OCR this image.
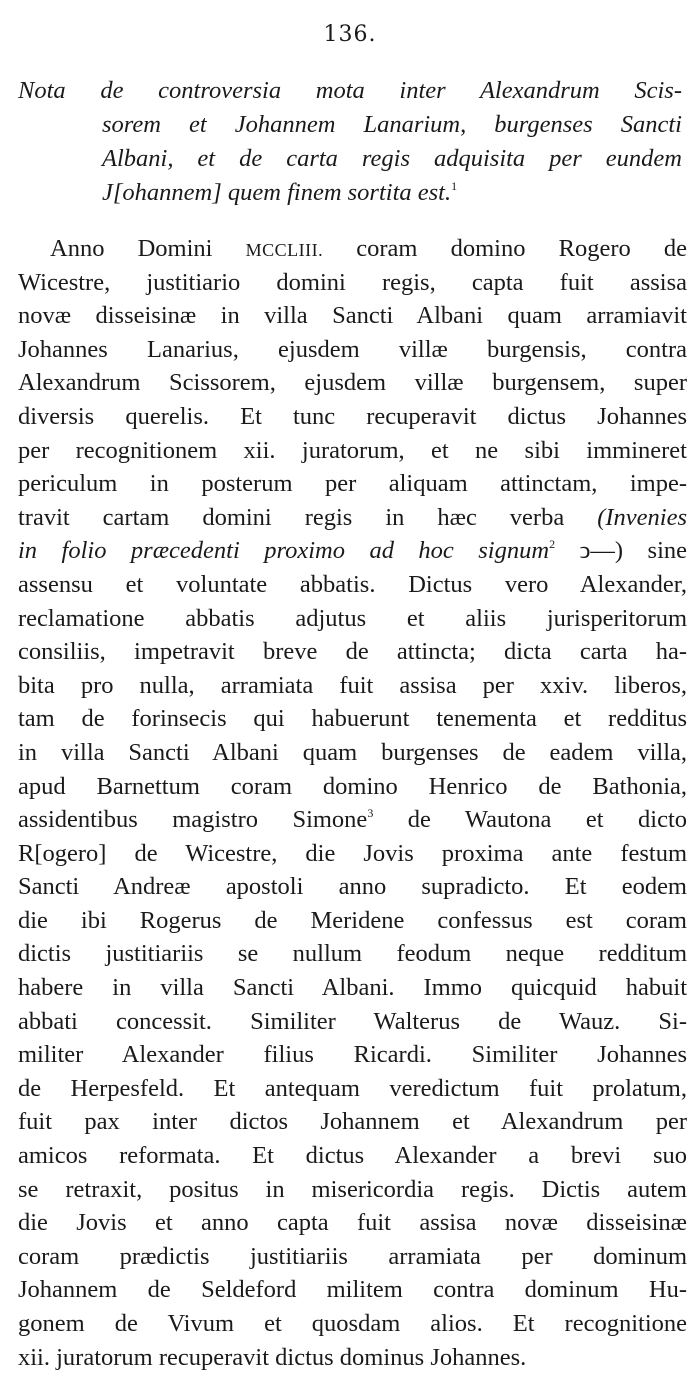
136.
Nota de controversia mota inter Alexandrum Scis-
sorem et Johannem Lanarium, burgenses Sancti
Albani, et de carta regis adquisita per eundem
J[ohannem] quem finem sortita est.$^1$
Anno Domini MCCLIII. coram domino Rogero de
Wicestre, justitiario domini regis, capta fuit assisa
novæ disseisinæ in villa Sancti Albani quam arramiavit
Johannes Lanarius, ejusdem villæ burgensis, contra
Alexandrum Scissorem, ejusdem villæ burgensem, super
diversis querelis. Et tunc recuperavit dictus Johannes
per recognitionem xii. juratorum, et ne sibi immineret
periculum in posterum per aliquam attinctam, impe-
travit cartam domini regis in hæc verba (Invenies
in folio præcedenti proximo ad hoc signum$^2$ ↄ—) sine
assensu et voluntate abbatis. Dictus vero Alexander,
reclamatione abbatis adjutus et aliis jurisperitorum
consiliis, impetravit breve de attincta; dicta carta ha-
bita pro nulla, arramiata fuit assisa per xxiv. liberos,
tam de forinsecis qui habuerunt tenementa et redditus
in villa Sancti Albani quam burgenses de eadem villa,
apud Barnettum coram domino Henrico de Bathonia,
assidentibus magistro Simone$^3$ de Wautona et dicto
R[ogero] de Wicestre, die Jovis proxima ante festum
Sancti Andreæ apostoli anno supradicto. Et eodem
die ibi Rogerus de Meridene confessus est coram
dictis justitiariis se nullum feodum neque redditum
habere in villa Sancti Albani. Immo quicquid habuit
abbati concessit. Similiter Walterus de Wauz. Si-
militer Alexander filius Ricardi. Similiter Johannes
de Herpesfeld. Et antequam veredictum fuit prolatum,
fuit pax inter dictos Johannem et Alexandrum per
amicos reformata. Et dictus Alexander a brevi suo
se retraxit, positus in misericordia regis. Dictis autem
die Jovis et anno capta fuit assisa novæ disseisinæ
coram prædictis justitiariis arramiata per dominum
Johannem de Seldeford militem contra dominum Hu-
gonem de Vivum et quosdam alios. Et recognitione
xii. juratorum recuperavit dictus dominus Johannes.
